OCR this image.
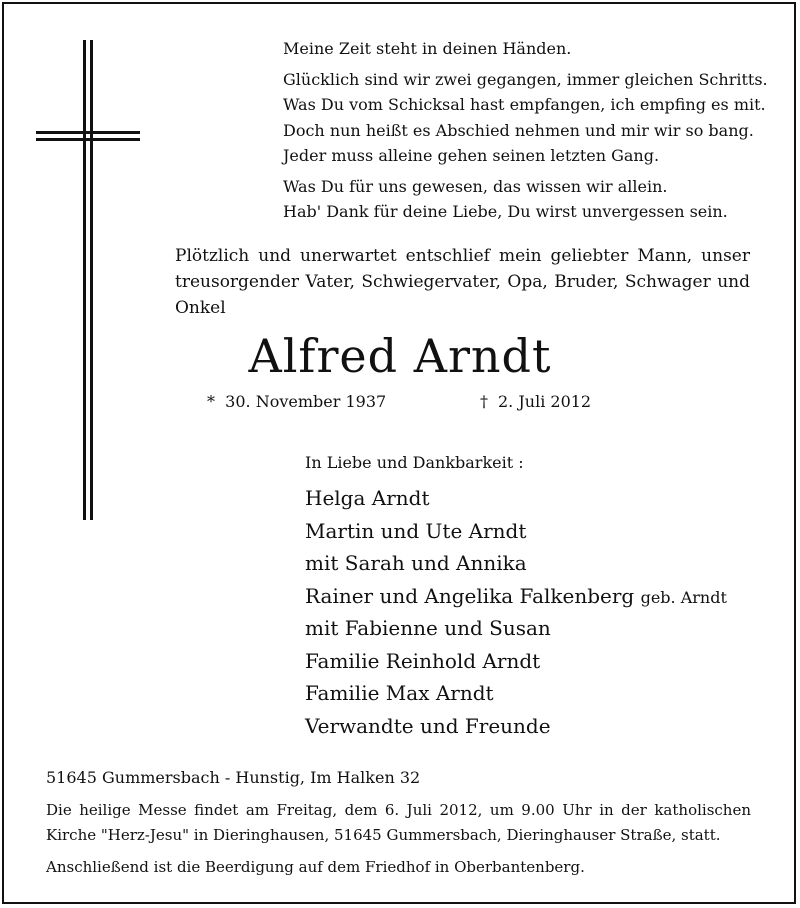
Meine Zeit steht in deinen Händen.

Glücklich sind wir zwei gegangen, immer gleichen Schritts.

Was Du vom Schicksal hast empfangen, ich empfing es mit.

Doch nun heißt es Abschied nehmen und mir wir so bang.

Jeder muss alleine gehen seinen letzten Gang.

Was Du für uns gewesen, das wissen wir allein.

Hab' Dank für deine Liebe, Du wirst unvergessen sein.

Plötzlich und unerwartet entschlief mein geliebter Mann, unser treusorgender Vater, Schwiegervater, Opa, Bruder, Schwager und Onkel

Alfred Arndt
* 30. November 1937	† 2. Juli 2012
In Liebe und Dankbarkeit :

Helga Arndt

Martin und Ute Arndt

mit Sarah und Annika

Rainer und Angelika Falkenberg geb. Arndt

mit Fabienne und Susan

Familie Reinhold Arndt

Familie Max Arndt

Verwandte und Freunde

51645 Gummersbach - Hunstig, Im Halken 32

Die heilige Messe findet am Freitag, dem 6. Juli 2012, um 9.00 Uhr in der katholischen Kirche "Herz-Jesu" in Dieringhausen, 51645 Gummersbach, Dieringhauser Straße, statt.

Anschließend ist die Beerdigung auf dem Friedhof in Oberbantenberg.
